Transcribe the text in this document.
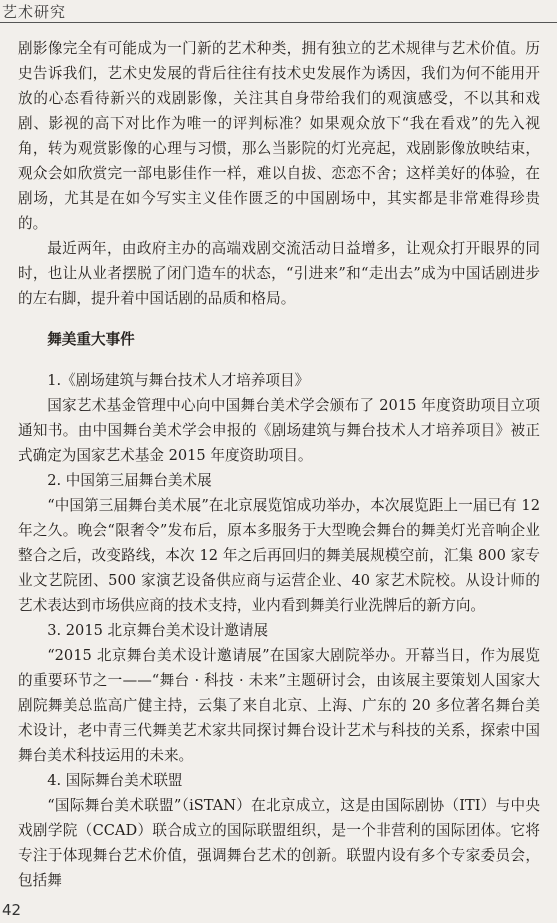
艺术研究

剧影像完全有可能成为一门新的艺术种类，拥有独立的艺术规律与艺术价值。历史告诉我们，艺术史发展的背后往往有技术史发展作为诱因，我们为何不能用开放的心态看待新兴的戏剧影像，关注其自身带给我们的观演感受，不以其和戏剧、影视的高下对比作为唯一的评判标准？如果观众放下“我在看戏”的先入视角，转为观赏影像的心理与习惯，那么当影院的灯光亮起，戏剧影像放映结束，观众会如欣赏完一部电影佳作一样，难以自拔、恋恋不舍；这样美好的体验，在剧场，尤其是在如今写实主义佳作匮乏的中国剧场中，其实都是非常难得珍贵的。

最近两年，由政府主办的高端戏剧交流活动日益增多，让观众打开眼界的同时，也让从业者摆脱了闭门造车的状态，“引进来”和“走出去”成为中国话剧进步的左右脚，提升着中国话剧的品质和格局。

舞美重大事件

1.《剧场建筑与舞台技术人才培养项目》

国家艺术基金管理中心向中国舞台美术学会颁布了 2015 年度资助项目立项通知书。由中国舞台美术学会申报的《剧场建筑与舞台技术人才培养项目》被正式确定为国家艺术基金 2015 年度资助项目。

2. 中国第三届舞台美术展

“中国第三届舞台美术展”在北京展览馆成功举办，本次展览距上一届已有 12 年之久。晚会“限奢令”发布后，原本多服务于大型晚会舞台的舞美灯光音响企业整合之后，改变路线，本次 12 年之后再回归的舞美展规模空前，汇集 800 家专业文艺院团、500 家演艺设备供应商与运营企业、40 家艺术院校。从设计师的艺术表达到市场供应商的技术支持，业内看到舞美行业洗牌后的新方向。

3. 2015 北京舞台美术设计邀请展

“2015 北京舞台美术设计邀请展”在国家大剧院举办。开幕当日，作为展览的重要环节之一——“舞台 · 科技 · 未来”主题研讨会，由该展主要策划人国家大剧院舞美总监高广健主持，云集了来自北京、上海、广东的 20 多位著名舞台美术设计，老中青三代舞美艺术家共同探讨舞台设计艺术与科技的关系，探索中国舞台美术科技运用的未来。

4. 国际舞台美术联盟

“国际舞台美术联盟”（iSTAN）在北京成立，这是由国际剧协（ITI）与中央戏剧学院（CCAD）联合成立的国际联盟组织，是一个非营利的国际团体。它将专注于体现舞台艺术价值，强调舞台艺术的创新。联盟内设有多个专家委员会，包括舞

42
